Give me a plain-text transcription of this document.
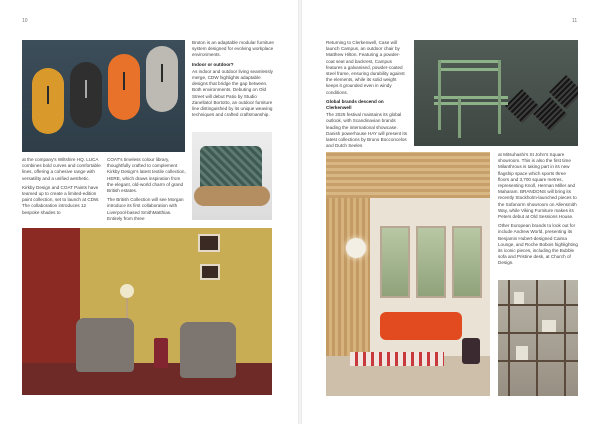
10

Bruton is an adaptable modular furniture system designed for evolving workplace environments.

Indoor or outdoor?

As indoor and outdoor living seamlessly merge, CDW highlights adaptable designs that bridge the gap between. Both environments. Debuting on Old Street will debut Patio by Studio Zanellato/ Bortotto, an outdoor furniture line distinguished by its unique weaving techniques and crafted craftsmanship.

at the company's Wiltshire HQ. LUCA combines bold curves and comfortable lines, offering a cohesive range with versatility and a unified aesthetic.

Kirkby Design and COAT Paints have teamed up to create a limited-edition paint collection, set to launch at CDW. The collaboration introduces 12 bespoke shades to

COAT's timeless colour library, thoughtfully crafted to complement Kirkby Design's latest textile collection, HERE, which draws inspiration from the elegant, old-world charm of grand British estates.

The British Collection will see Morgan introduce its first collaboration with Liverpool-based SmithMatthias. Entirely from three

11

Returning to Clerkenwell, Case will launch Campus, an outdoor chair by Matthew Hilton. Featuring a powder-coat seat and backrest, Campus features a galvanised, powder-coated steel frame, ensuring durability against the elements, while its solid weight keeps it grounded even in windy conditions.

Global brands descend on Clerkenwell

The 2025 festival maintains its global outlook, with Scandinavian brands leading the international showcase. Danish powerhouse HAY will present its latest collections by Bruno Bocconcelos and Dutch Seeles

at Mitsuhashi's St John's Square showroom. This is also the first time Milanthrous is taking part in its new flagship space which sports three floors and 3,700 square metres, representing Knoll, Herman Miller and Maharam. BRANDONS will bring its recently Stockholm-launched pieces to the Sofanorm showroom on Allensmith Way, while Viking Furniture makes its Peters debut at Old Sessions House.

Other European brands to look out for include Andrew World, presenting its Benjamin Hubert-designed Caima Lounge, and Roche Bobois highlighting its iconic pieces, including the Bubble sofa and Pristine desk, at Church of Design.
